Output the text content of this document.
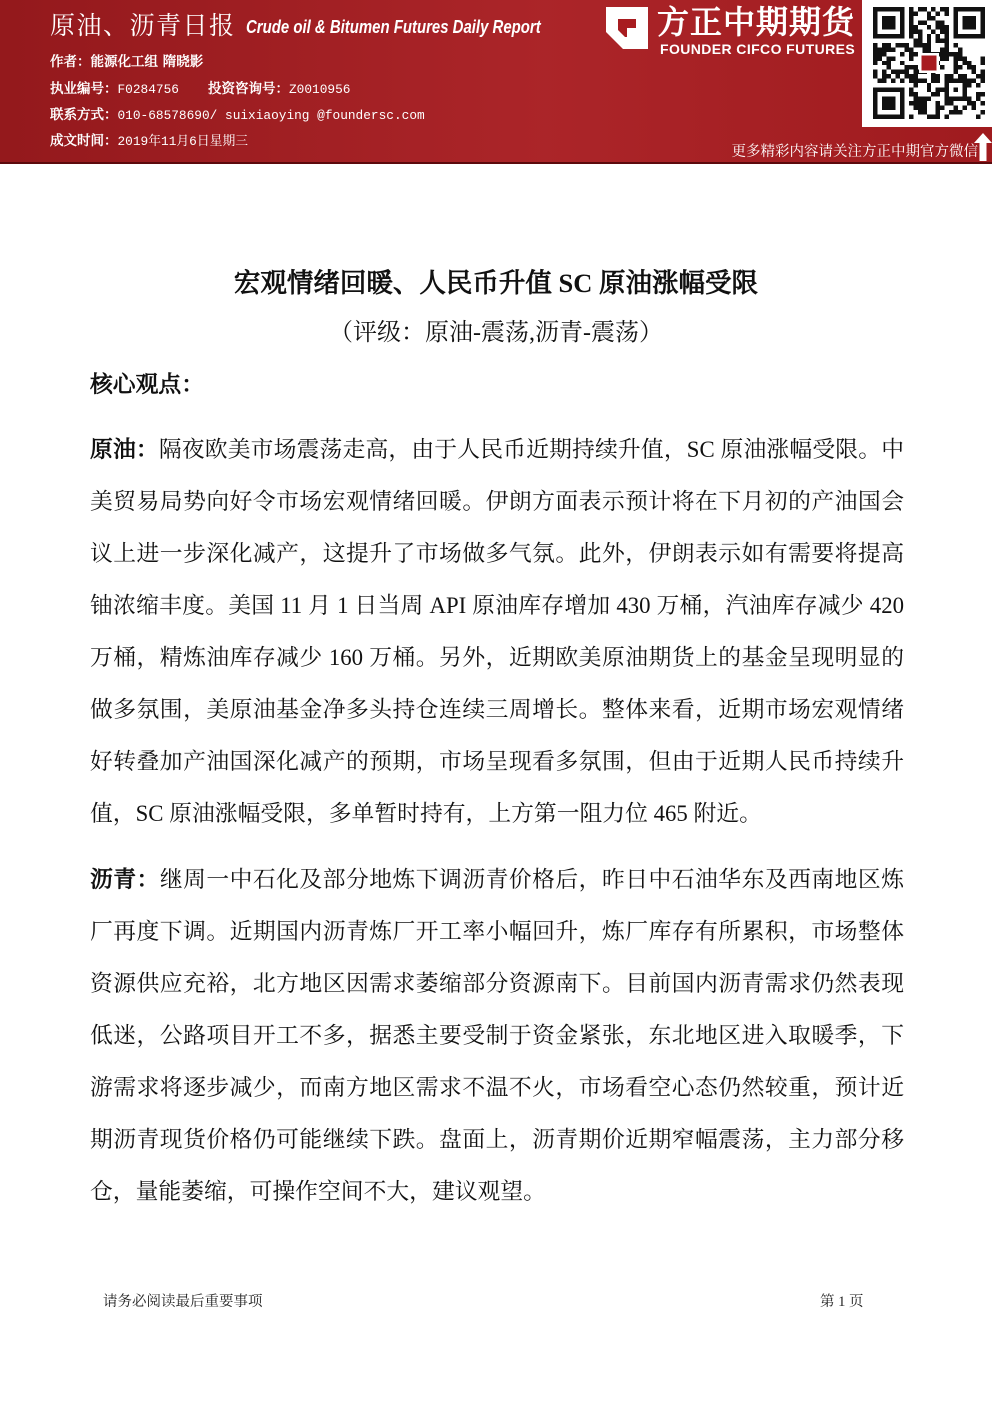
原油、沥青日报 Crude oil & Bitumen Futures Daily Report	方正中期期货
FOUNDER CIFCO FUTURES
作者：能源化工组 隋晓影
执业编号：F0284756 投资咨询号：Z0010956
联系方式：010-68578690/ suixiaoying @foundersc.com
成文时间：2019年11月6日星期三
更多精彩内容请关注方正中期官方微信
宏观情绪回暖、人民币升值 SC 原油涨幅受限
（评级：原油-震荡,沥青-震荡）
核心观点：

原油：隔夜欧美市场震荡走高，由于人民币近期持续升值，SC 原油涨幅受限。中美贸易局势向好令市场宏观情绪回暖。伊朗方面表示预计将在下月初的产油国会议上进一步深化减产，这提升了市场做多气氛。此外，伊朗表示如有需要将提高铀浓缩丰度。美国 11 月 1 日当周 API 原油库存增加 430 万桶，汽油库存减少 420 万桶，精炼油库存减少 160 万桶。另外，近期欧美原油期货上的基金呈现明显的做多氛围，美原油基金净多头持仓连续三周增长。整体来看，近期市场宏观情绪好转叠加产油国深化减产的预期，市场呈现看多氛围，但由于近期人民币持续升值，SC 原油涨幅受限，多单暂时持有，上方第一阻力位 465 附近。

沥青：继周一中石化及部分地炼下调沥青价格后，昨日中石油华东及西南地区炼厂再度下调。近期国内沥青炼厂开工率小幅回升，炼厂库存有所累积，市场整体资源供应充裕，北方地区因需求萎缩部分资源南下。目前国内沥青需求仍然表现低迷，公路项目开工不多，据悉主要受制于资金紧张，东北地区进入取暖季，下游需求将逐步减少，而南方地区需求不温不火，市场看空心态仍然较重，预计近期沥青现货价格仍可能继续下跌。盘面上，沥青期价近期窄幅震荡，主力部分移仓，量能萎缩，可操作空间不大，建议观望。

请务必阅读最后重要事项	第 1 页
